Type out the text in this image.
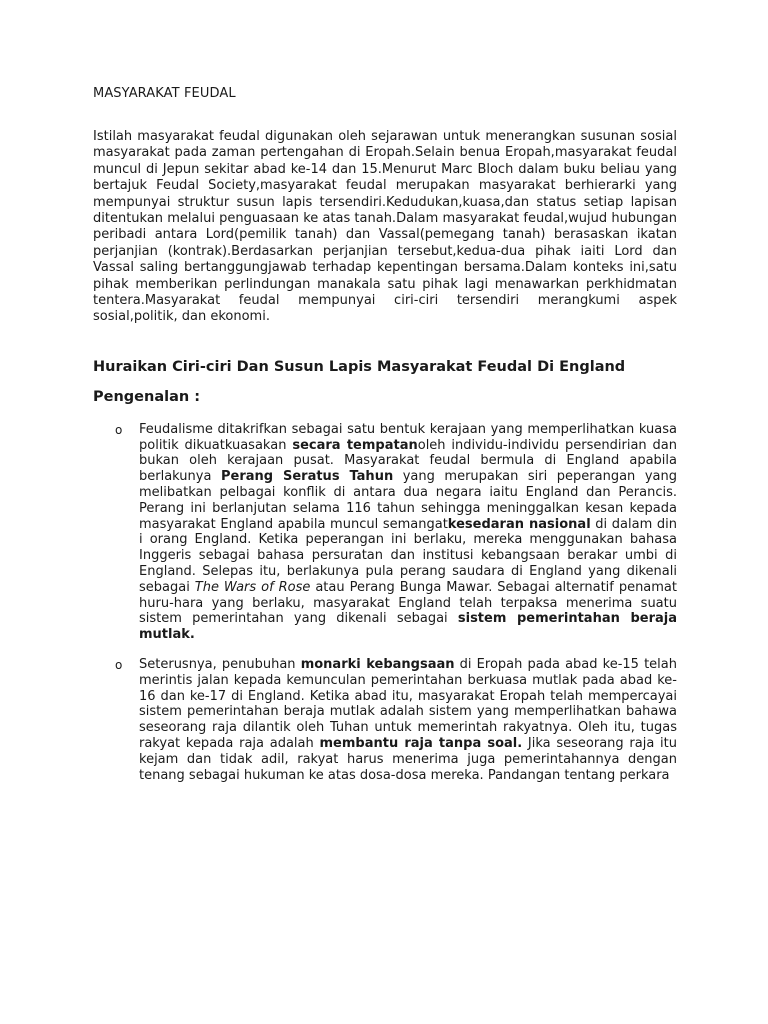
MASYARAKAT FEUDAL

Istilah masyarakat feudal digunakan oleh sejarawan untuk menerangkan susunan sosial masyarakat pada zaman pertengahan di Eropah.Selain benua Eropah,masyarakat feudal muncul di Jepun sekitar abad ke-14 dan 15.Menurut Marc Bloch dalam buku beliau yang bertajuk Feudal Society,masyarakat feudal merupakan masyarakat berhierarki yang mempunyai struktur susun lapis tersendiri.Kedudukan,kuasa,dan status setiap lapisan ditentukan melalui penguasaan ke atas tanah.Dalam masyarakat feudal,wujud hubungan peribadi antara Lord(pemilik tanah) dan Vassal(pemegang tanah) berasaskan ikatan perjanjian (kontrak).Berdasarkan perjanjian tersebut,kedua-dua pihak iaiti Lord dan Vassal saling bertanggungjawab terhadap kepentingan bersama.Dalam konteks ini,satu pihak memberikan perlindungan manakala satu pihak lagi menawarkan perkhidmatan tentera.Masyarakat feudal mempunyai ciri-ciri tersendiri merangkumi aspek sosial,politik, dan ekonomi.

Huraikan Ciri-ciri Dan Susun Lapis Masyarakat Feudal Di England
Pengenalan :
o Feudalisme ditakrifkan sebagai satu bentuk kerajaan yang memperlihatkan kuasa politik dikuatkuasakan secara tempatanoleh individu-individu persendirian dan bukan oleh kerajaan pusat. Masyarakat feudal bermula di England apabila berlakunya Perang Seratus Tahun yang merupakan siri peperangan yang melibatkan pelbagai konflik di antara dua negara iaitu England dan Perancis. Perang ini berlanjutan selama 116 tahun sehingga meninggalkan kesan kepada masyarakat England apabila muncul semangatkesedaran nasional di dalam din i orang England. Ketika peperangan ini berlaku, mereka menggunakan bahasa Inggeris sebagai bahasa persuratan dan institusi kebangsaan berakar umbi di England. Selepas itu, berlakunya pula perang saudara di England yang dikenali sebagai The Wars of Rose atau Perang Bunga Mawar. Sebagai alternatif penamat huru-hara yang berlaku, masyarakat England telah terpaksa menerima suatu sistem pemerintahan yang dikenali sebagai sistem pemerintahan beraja mutlak.
o Seterusnya, penubuhan monarki kebangsaan di Eropah pada abad ke-15 telah merintis jalan kepada kemunculan pemerintahan berkuasa mutlak pada abad ke-16 dan ke-17 di England. Ketika abad itu, masyarakat Eropah telah mempercayai sistem pemerintahan beraja mutlak adalah sistem yang memperlihatkan bahawa seseorang raja dilantik oleh Tuhan untuk memerintah rakyatnya. Oleh itu, tugas rakyat kepada raja adalah membantu raja tanpa soal. Jika seseorang raja itu kejam dan tidak adil, rakyat harus menerima juga pemerintahannya dengan tenang sebagai hukuman ke atas dosa-dosa mereka. Pandangan tentang perkara
